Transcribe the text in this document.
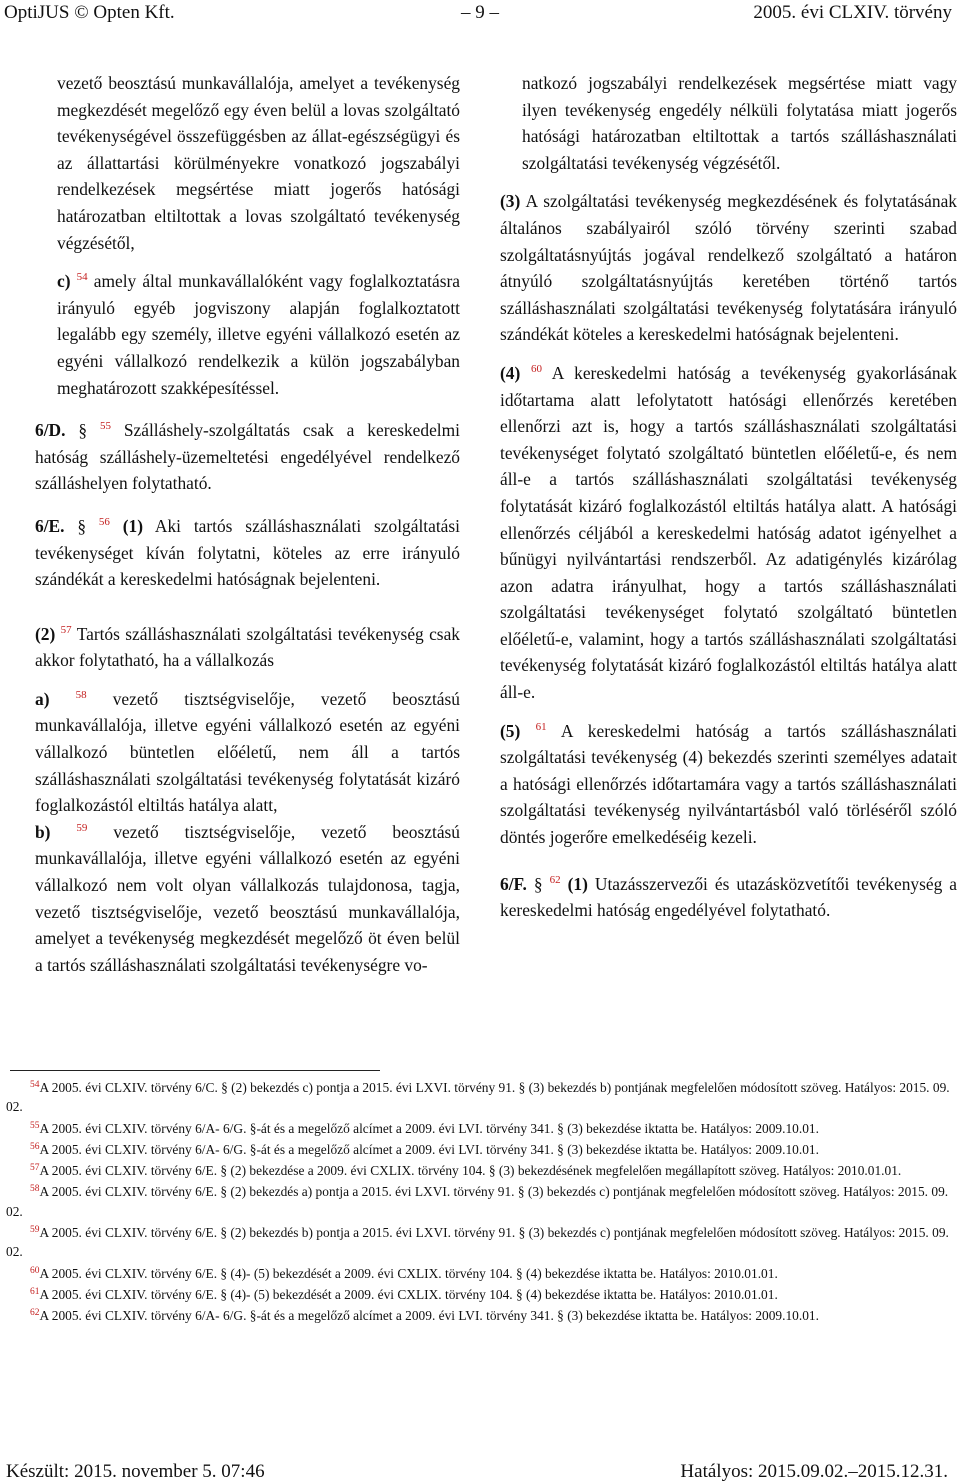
OptiJUS © Opten Kft.	– 9 –	2005. évi CLXIV. törvény

vezető beosztású munkavállalója, amelyet a tevékenység megkezdését megelőző egy éven belül a lovas szolgáltató tevékenységével összefüggésben az állat-egészségügyi és az állattartási körülményekre vonatkozó jogszabályi rendelkezések megsértése miatt jogerős hatósági határozatban eltiltottak a lovas szolgáltató tevékenység végzésétől,

c) $^{54}$ amely által munkavállalóként vagy foglalkoztatásra irányuló egyéb jogviszony alapján foglalkoztatott legalább egy személy, illetve egyéni vállalkozó esetén az egyéni vállalkozó rendelkezik a külön jogszabályban meghatározott szakképesítéssel.

6/D. § $^{55}$ Szálláshely-szolgáltatás csak a kereskedelmi hatóság szálláshely-üzemeltetési engedélyével rendelkező szálláshelyen folytatható.

6/E. § $^{56}$ (1) Aki tartós szálláshasználati szolgáltatási tevékenységet kíván folytatni, köteles az erre irányuló szándékát a kereskedelmi hatóságnak bejelenteni.

(2) $^{57}$ Tartós szálláshasználati szolgáltatási tevékenység csak akkor folytatható, ha a vállalkozás

a) $^{58}$ vezető tisztségviselője, vezető beosztású munkavállalója, illetve egyéni vállalkozó esetén az egyéni vállalkozó büntetlen előéletű, nem áll a tartós szálláshasználati szolgáltatási tevékenység folytatását kizáró foglalkozástól eltiltás hatálya alatt,

b) $^{59}$ vezető tisztségviselője, vezető beosztású munkavállalója, illetve egyéni vállalkozó esetén az egyéni vállalkozó nem volt olyan vállalkozás tulajdonosa, tagja, vezető tisztségviselője, vezető beosztású munkavállalója, amelyet a tevékenység megkezdését megelőző öt éven belül a tartós szálláshasználati szolgáltatási tevékenységre vo-

natkozó jogszabályi rendelkezések megsértése miatt vagy ilyen tevékenység engedély nélküli folytatása miatt jogerős hatósági határozatban eltiltottak a tartós szálláshasználati szolgáltatási tevékenység végzésétől.

(3) A szolgáltatási tevékenység megkezdésének és folytatásának általános szabályairól szóló törvény szerinti szabad szolgáltatásnyújtás jogával rendelkező szolgáltató a határon átnyúló szolgáltatásnyújtás keretében történő tartós szálláshasználati szolgáltatási tevékenység folytatására irányuló szándékát köteles a kereskedelmi hatóságnak bejelenteni.

(4) $^{60}$ A kereskedelmi hatóság a tevékenység gyakorlásának időtartama alatt lefolytatott hatósági ellenőrzés keretében ellenőrzi azt is, hogy a tartós szálláshasználati szolgáltatási tevékenységet folytató szolgáltató büntetlen előéletű-e, és nem áll-e a tartós szálláshasználati szolgáltatási tevékenység folytatását kizáró foglalkozástól eltiltás hatálya alatt. A hatósági ellenőrzés céljából a kereskedelmi hatóság adatot igényelhet a bűnügyi nyilvántartási rendszerből. Az adatigénylés kizárólag azon adatra irányulhat, hogy a tartós szálláshasználati szolgáltatási tevékenységet folytató szolgáltató büntetlen előéletű-e, valamint, hogy a tartós szálláshasználati szolgáltatási tevékenység folytatását kizáró foglalkozástól eltiltás hatálya alatt áll-e.

(5) $^{61}$ A kereskedelmi hatóság a tartós szálláshasználati szolgáltatási tevékenység (4) bekezdés szerinti személyes adatait a hatósági ellenőrzés időtartamára vagy a tartós szálláshasználati szolgáltatási tevékenység nyilvántartásból való törléséről szóló döntés jogerőre emelkedéséig kezeli.

6/F. § $^{62}$ (1) Utazásszervezői és utazásközvetítői tevékenység a kereskedelmi hatóság engedélyével folytatható.

$^{54}$A 2005. évi CLXIV. törvény 6/C. § (2) bekezdés c) pontja a 2015. évi LXVI. törvény 91. § (3) bekezdés b) pontjának megfelelően módosított szöveg. Hatályos: 2015. 09. 02.

$^{55}$A 2005. évi CLXIV. törvény 6/A- 6/G. §-át és a megelőző alcímet a 2009. évi LVI. törvény 341. § (3) bekezdése iktatta be. Hatályos: 2009.10.01.

$^{56}$A 2005. évi CLXIV. törvény 6/A- 6/G. §-át és a megelőző alcímet a 2009. évi LVI. törvény 341. § (3) bekezdése iktatta be. Hatályos: 2009.10.01.

$^{57}$A 2005. évi CLXIV. törvény 6/E. § (2) bekezdése a 2009. évi CXLIX. törvény 104. § (3) bekezdésének megfelelően megállapított szöveg. Hatályos: 2010.01.01.

$^{58}$A 2005. évi CLXIV. törvény 6/E. § (2) bekezdés a) pontja a 2015. évi LXVI. törvény 91. § (3) bekezdés c) pontjának megfelelően módosított szöveg. Hatályos: 2015. 09. 02.

$^{59}$A 2005. évi CLXIV. törvény 6/E. § (2) bekezdés b) pontja a 2015. évi LXVI. törvény 91. § (3) bekezdés c) pontjának megfelelően módosított szöveg. Hatályos: 2015. 09. 02.

$^{60}$A 2005. évi CLXIV. törvény 6/E. § (4)- (5) bekezdését a 2009. évi CXLIX. törvény 104. § (4) bekezdése iktatta be. Hatályos: 2010.01.01.

$^{61}$A 2005. évi CLXIV. törvény 6/E. § (4)- (5) bekezdését a 2009. évi CXLIX. törvény 104. § (4) bekezdése iktatta be. Hatályos: 2010.01.01.

$^{62}$A 2005. évi CLXIV. törvény 6/A- 6/G. §-át és a megelőző alcímet a 2009. évi LVI. törvény 341. § (3) bekezdése iktatta be. Hatályos: 2009.10.01.

Készült: 2015. november 5. 07:46	Hatályos: 2015.09.02.–2015.12.31.
